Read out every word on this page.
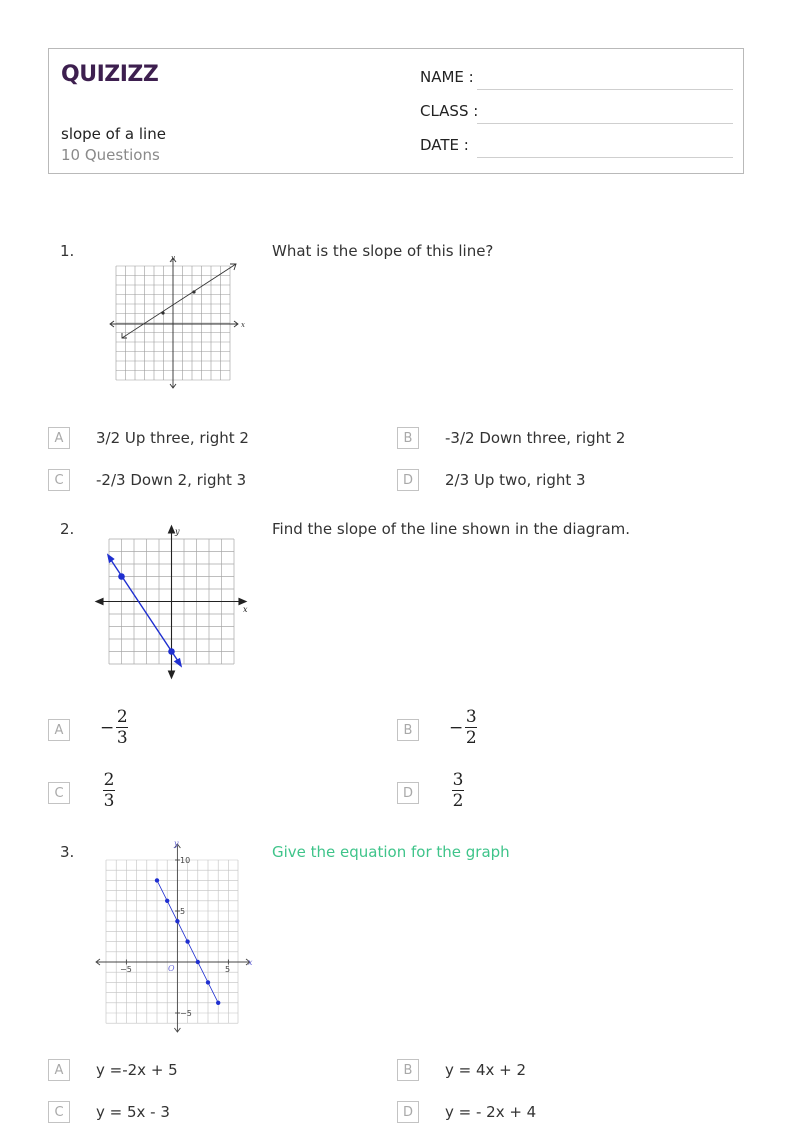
QUIZIZZ
slope of a line
10 Questions
NAME :
CLASS :
DATE :
1.	What is the slope of this line?
x
y
A	3/2 Up three, right 2	B	-3/2 Down three, right 2
C	-2/3 Down 2, right 3	D	2/3 Up two, right 3
2.	Find the slope of the line shown in the diagram.
x
y
A	− $\frac{2}{3}$	B	− $\frac{3}{2}$
C	$\frac{2}{3}$	D	$\frac{3}{2}$
3.	Give the equation for the graph
x
y
O
−5	5
5
10
−5
A	y =-2x + 5	B	y = 4x + 2
C	y = 5x - 3	D	y = - 2x + 4
